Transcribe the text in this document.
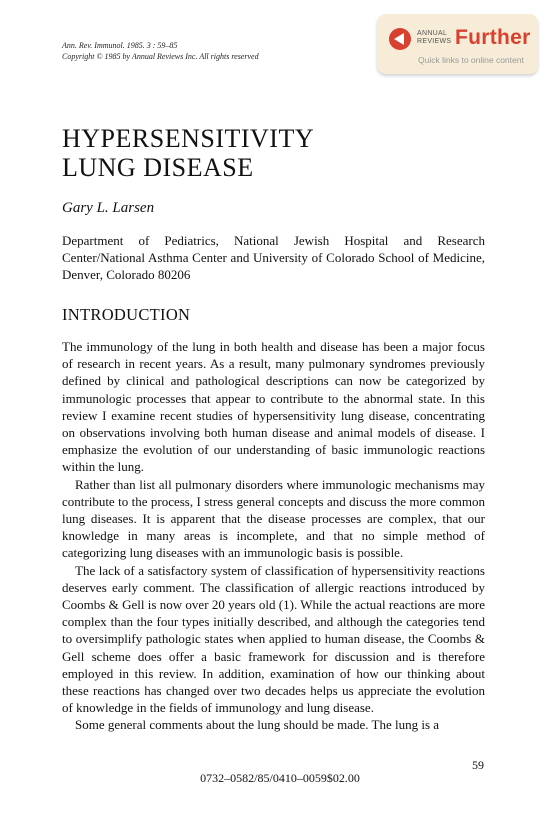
Ann. Rev. Immunol. 1985. 3 : 59–85
Copyright © 1985 by Annual Reviews Inc. All rights reserved
ANNUAL
REVIEWS Further
Quick links to online content
HYPERSENSITIVITY
LUNG DISEASE
Gary L. Larsen
Department of Pediatrics, National Jewish Hospital and Research Center/National Asthma Center and University of Colorado School of Medicine, Denver, Colorado 80206
INTRODUCTION

The immunology of the lung in both health and disease has been a major focus of research in recent years. As a result, many pulmonary syndromes previously defined by clinical and pathological descriptions can now be categorized by immunologic processes that appear to contribute to the abnormal state. In this review I examine recent studies of hypersensitivity lung disease, concentrating on observations involving both human disease and animal models of disease. I emphasize the evolution of our understanding of basic immunologic reactions within the lung.

Rather than list all pulmonary disorders where immunologic mechanisms may contribute to the process, I stress general concepts and discuss the more common lung diseases. It is apparent that the disease processes are complex, that our knowledge in many areas is incomplete, and that no simple method of categorizing lung diseases with an immunologic basis is possible.

The lack of a satisfactory system of classification of hypersensitivity reactions deserves early comment. The classification of allergic reactions introduced by Coombs & Gell is now over 20 years old (1). While the actual reactions are more complex than the four types initially described, and although the categories tend to oversimplify pathologic states when applied to human disease, the Coombs & Gell scheme does offer a basic framework for discussion and is therefore employed in this review. In addition, examination of how our thinking about these reactions has changed over two decades helps us appreciate the evolution of knowledge in the fields of immunology and lung disease.

Some general comments about the lung should be made. The lung is a

59
0732–0582/85/0410–0059$02.00
